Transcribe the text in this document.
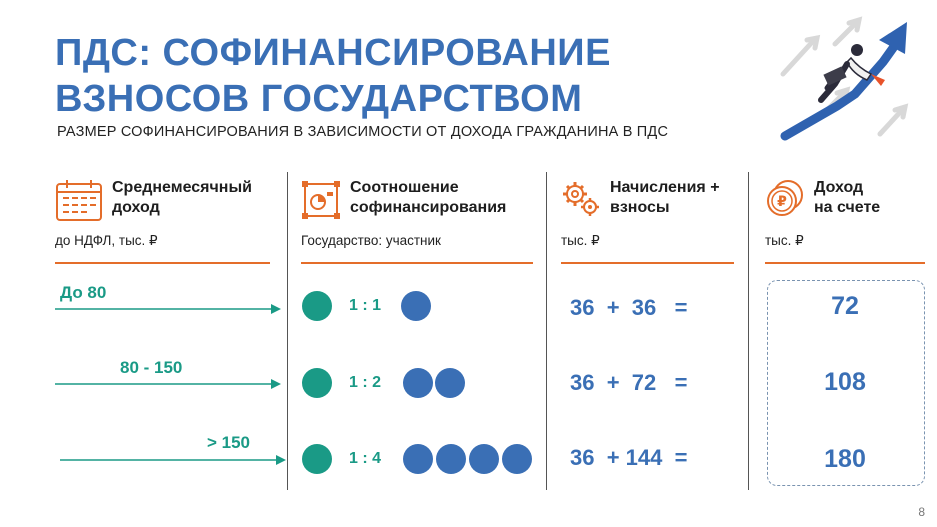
ПДС: СОФИНАНСИРОВАНИЕ ВЗНОСОВ ГОСУДАРСТВОМ
РАЗМЕР СОФИНАНСИРОВАНИЯ В ЗАВИСИМОСТИ ОТ ДОХОДА ГРАЖДАНИНА В ПДС
Среднемесячный
доход
до НДФЛ, тыс. ₽
Соотношение
софинансирования
Государство: участник
Начисления +
взносы
тыс. ₽
₽
Доход
на счете
тыс. ₽
До 80
1 : 1	36  +  36   =	72
80 - 150
1 : 2	36  +  72   =	108
> 150
1 : 4	36  + 144  =	180
8
